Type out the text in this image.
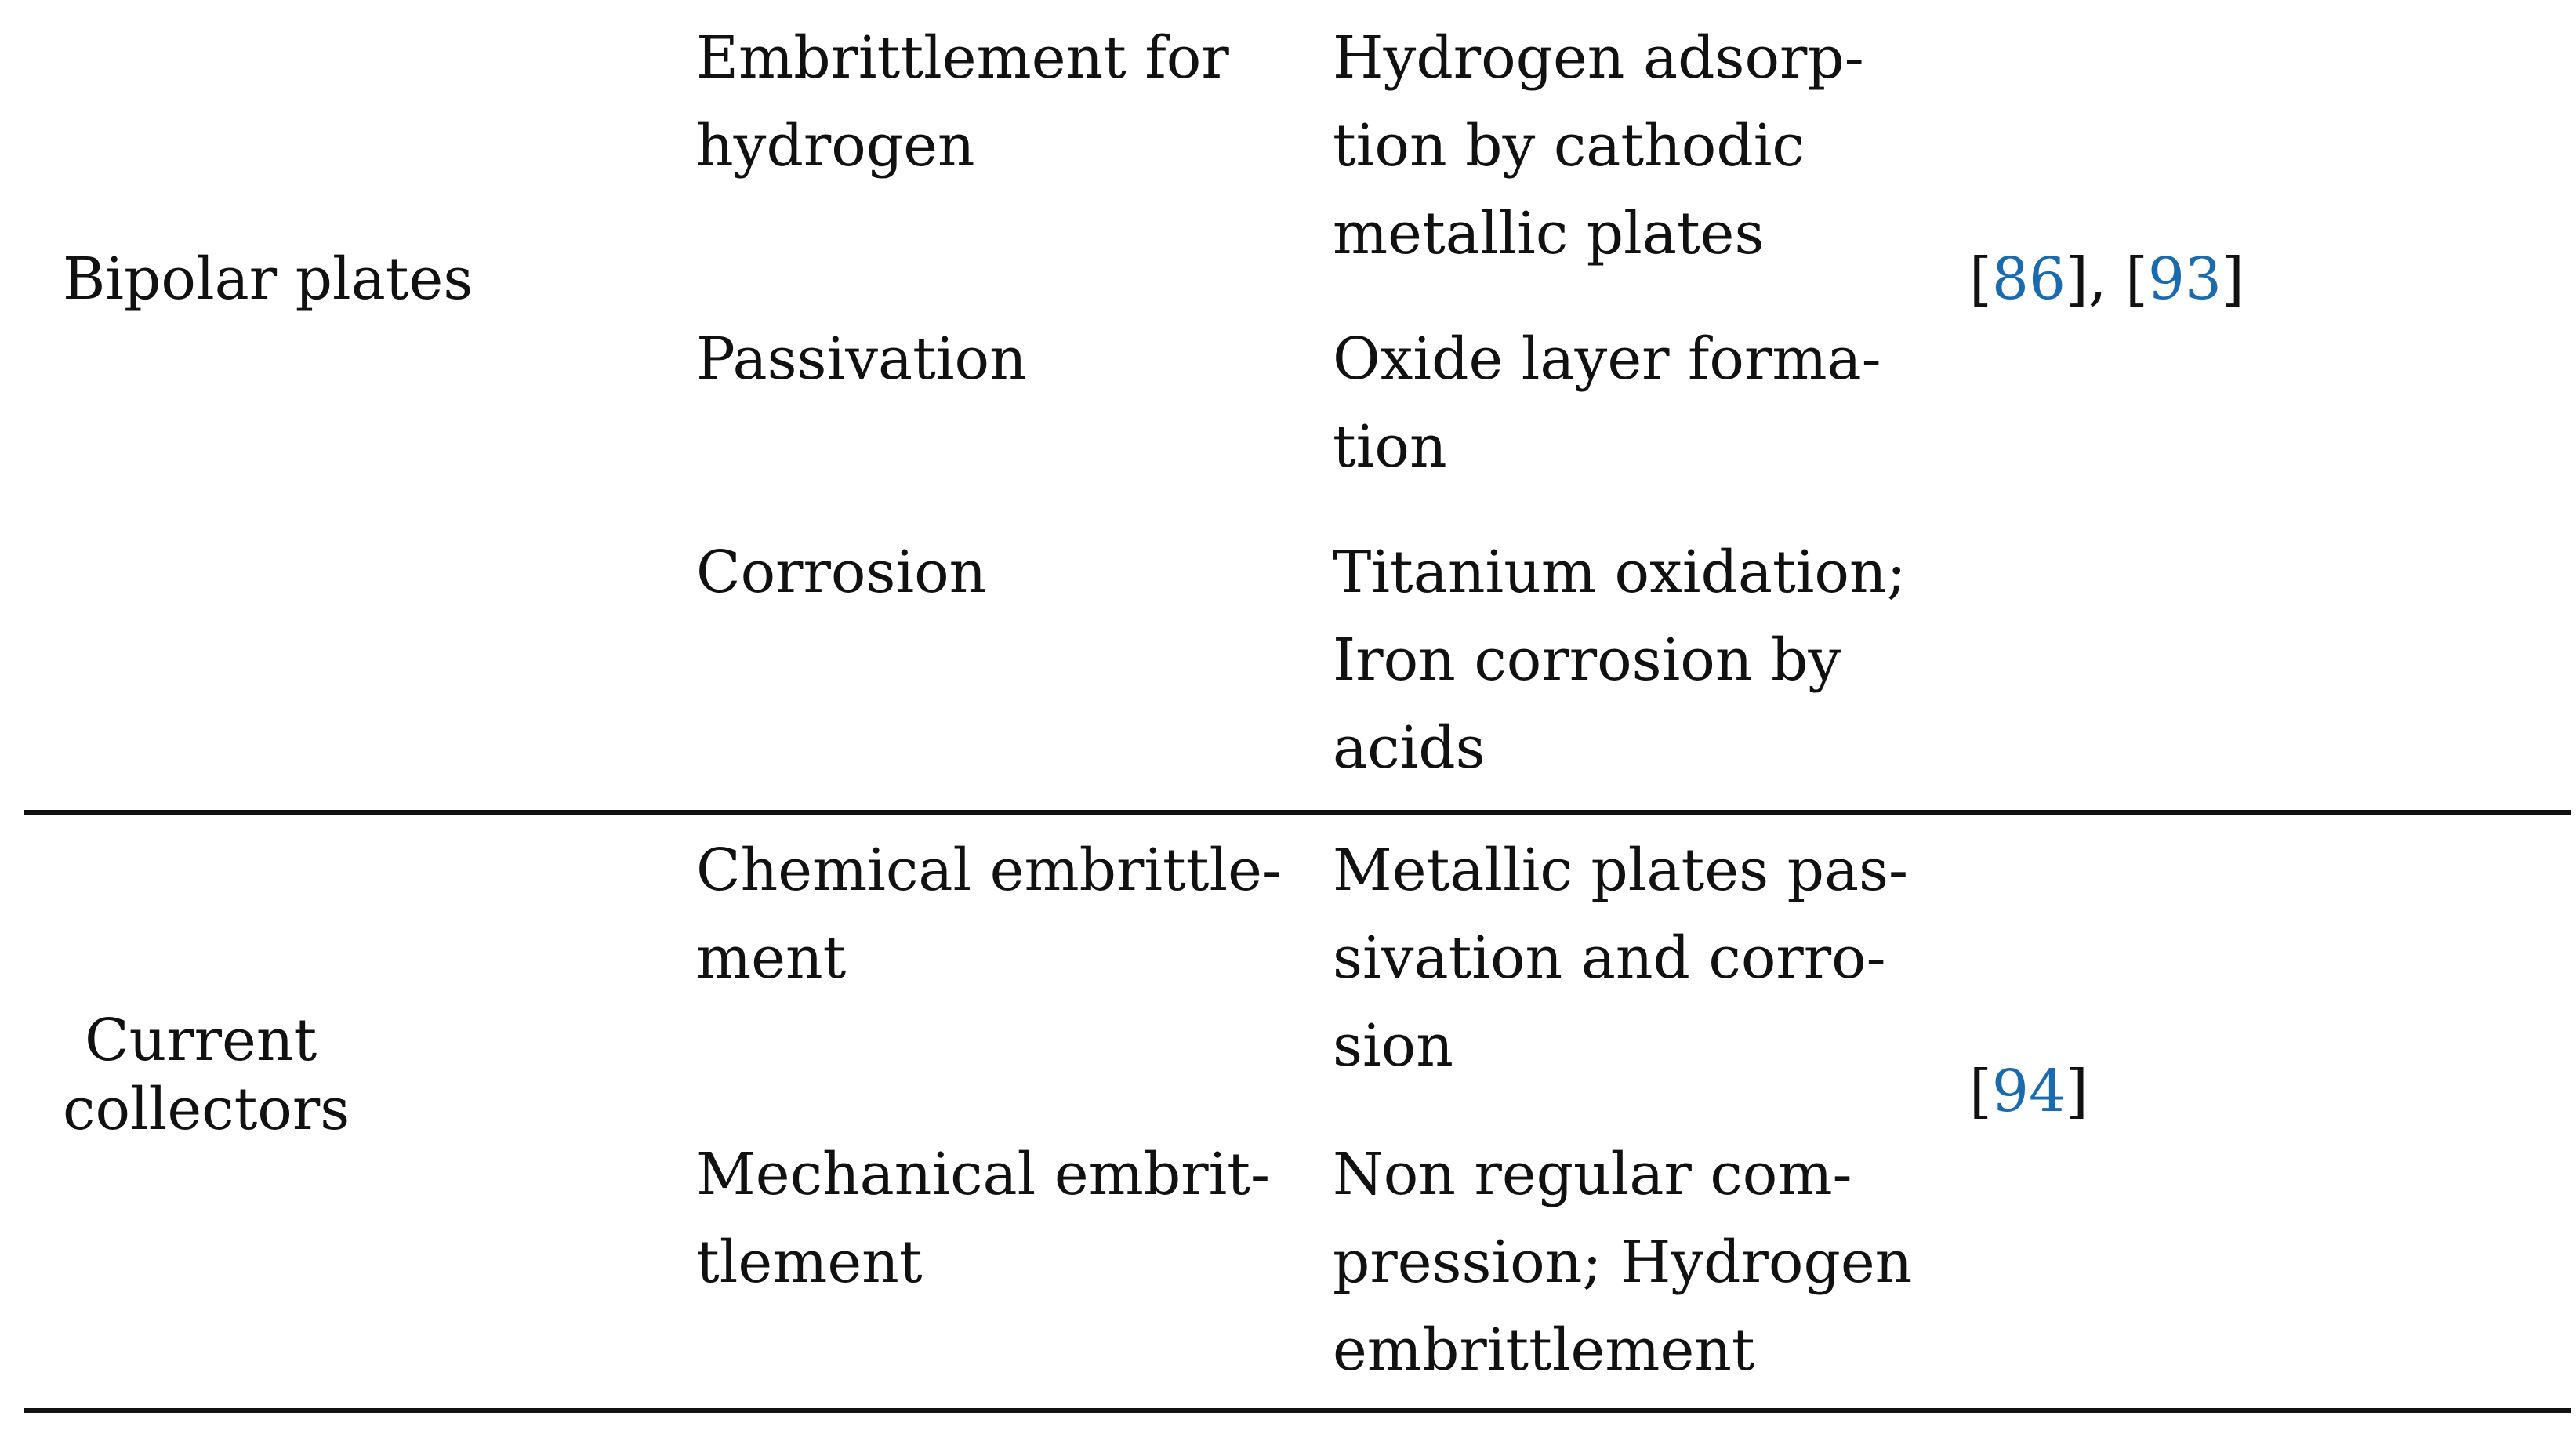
Bipolar plates
Embrittlement for
hydrogen
Hydrogen adsorp-
tion by cathodic
metallic plates
[86], [93]
Passivation	Oxide layer forma-
tion
Corrosion	Titanium oxidation;
Iron corrosion by
acids
Current
collectors
Chemical embrittle-
ment
Metallic plates pas-
sivation and corro-
sion
[94]
Mechanical embrit-
tlement
Non regular com-
pression; Hydrogen
embrittlement
